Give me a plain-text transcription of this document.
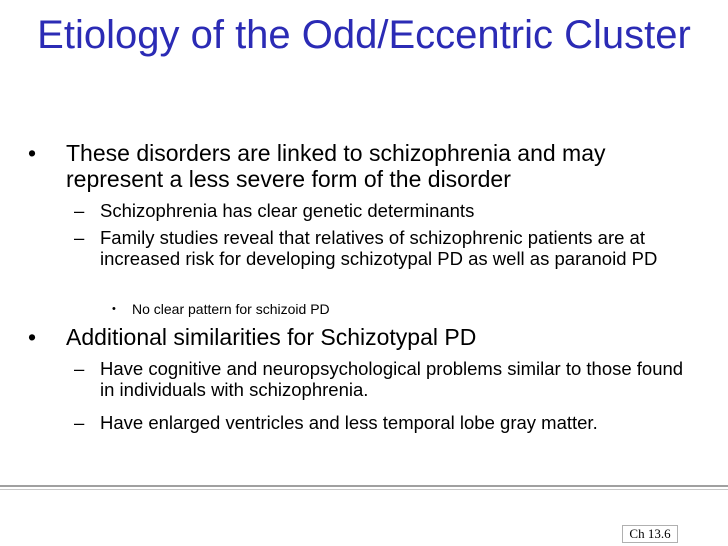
Etiology of the Odd/Eccentric Cluster
• These disorders are linked to schizophrenia and may represent a less severe form of the disorder
– Schizophrenia has clear genetic determinants
– Family studies reveal that relatives of schizophrenic patients are at increased risk for developing schizotypal PD as well as paranoid PD
• No clear pattern for schizoid PD
• Additional similarities for Schizotypal PD
– Have cognitive and neuropsychological problems similar to those found in individuals with schizophrenia.
– Have enlarged ventricles and less temporal lobe gray matter.
Ch 13.6
